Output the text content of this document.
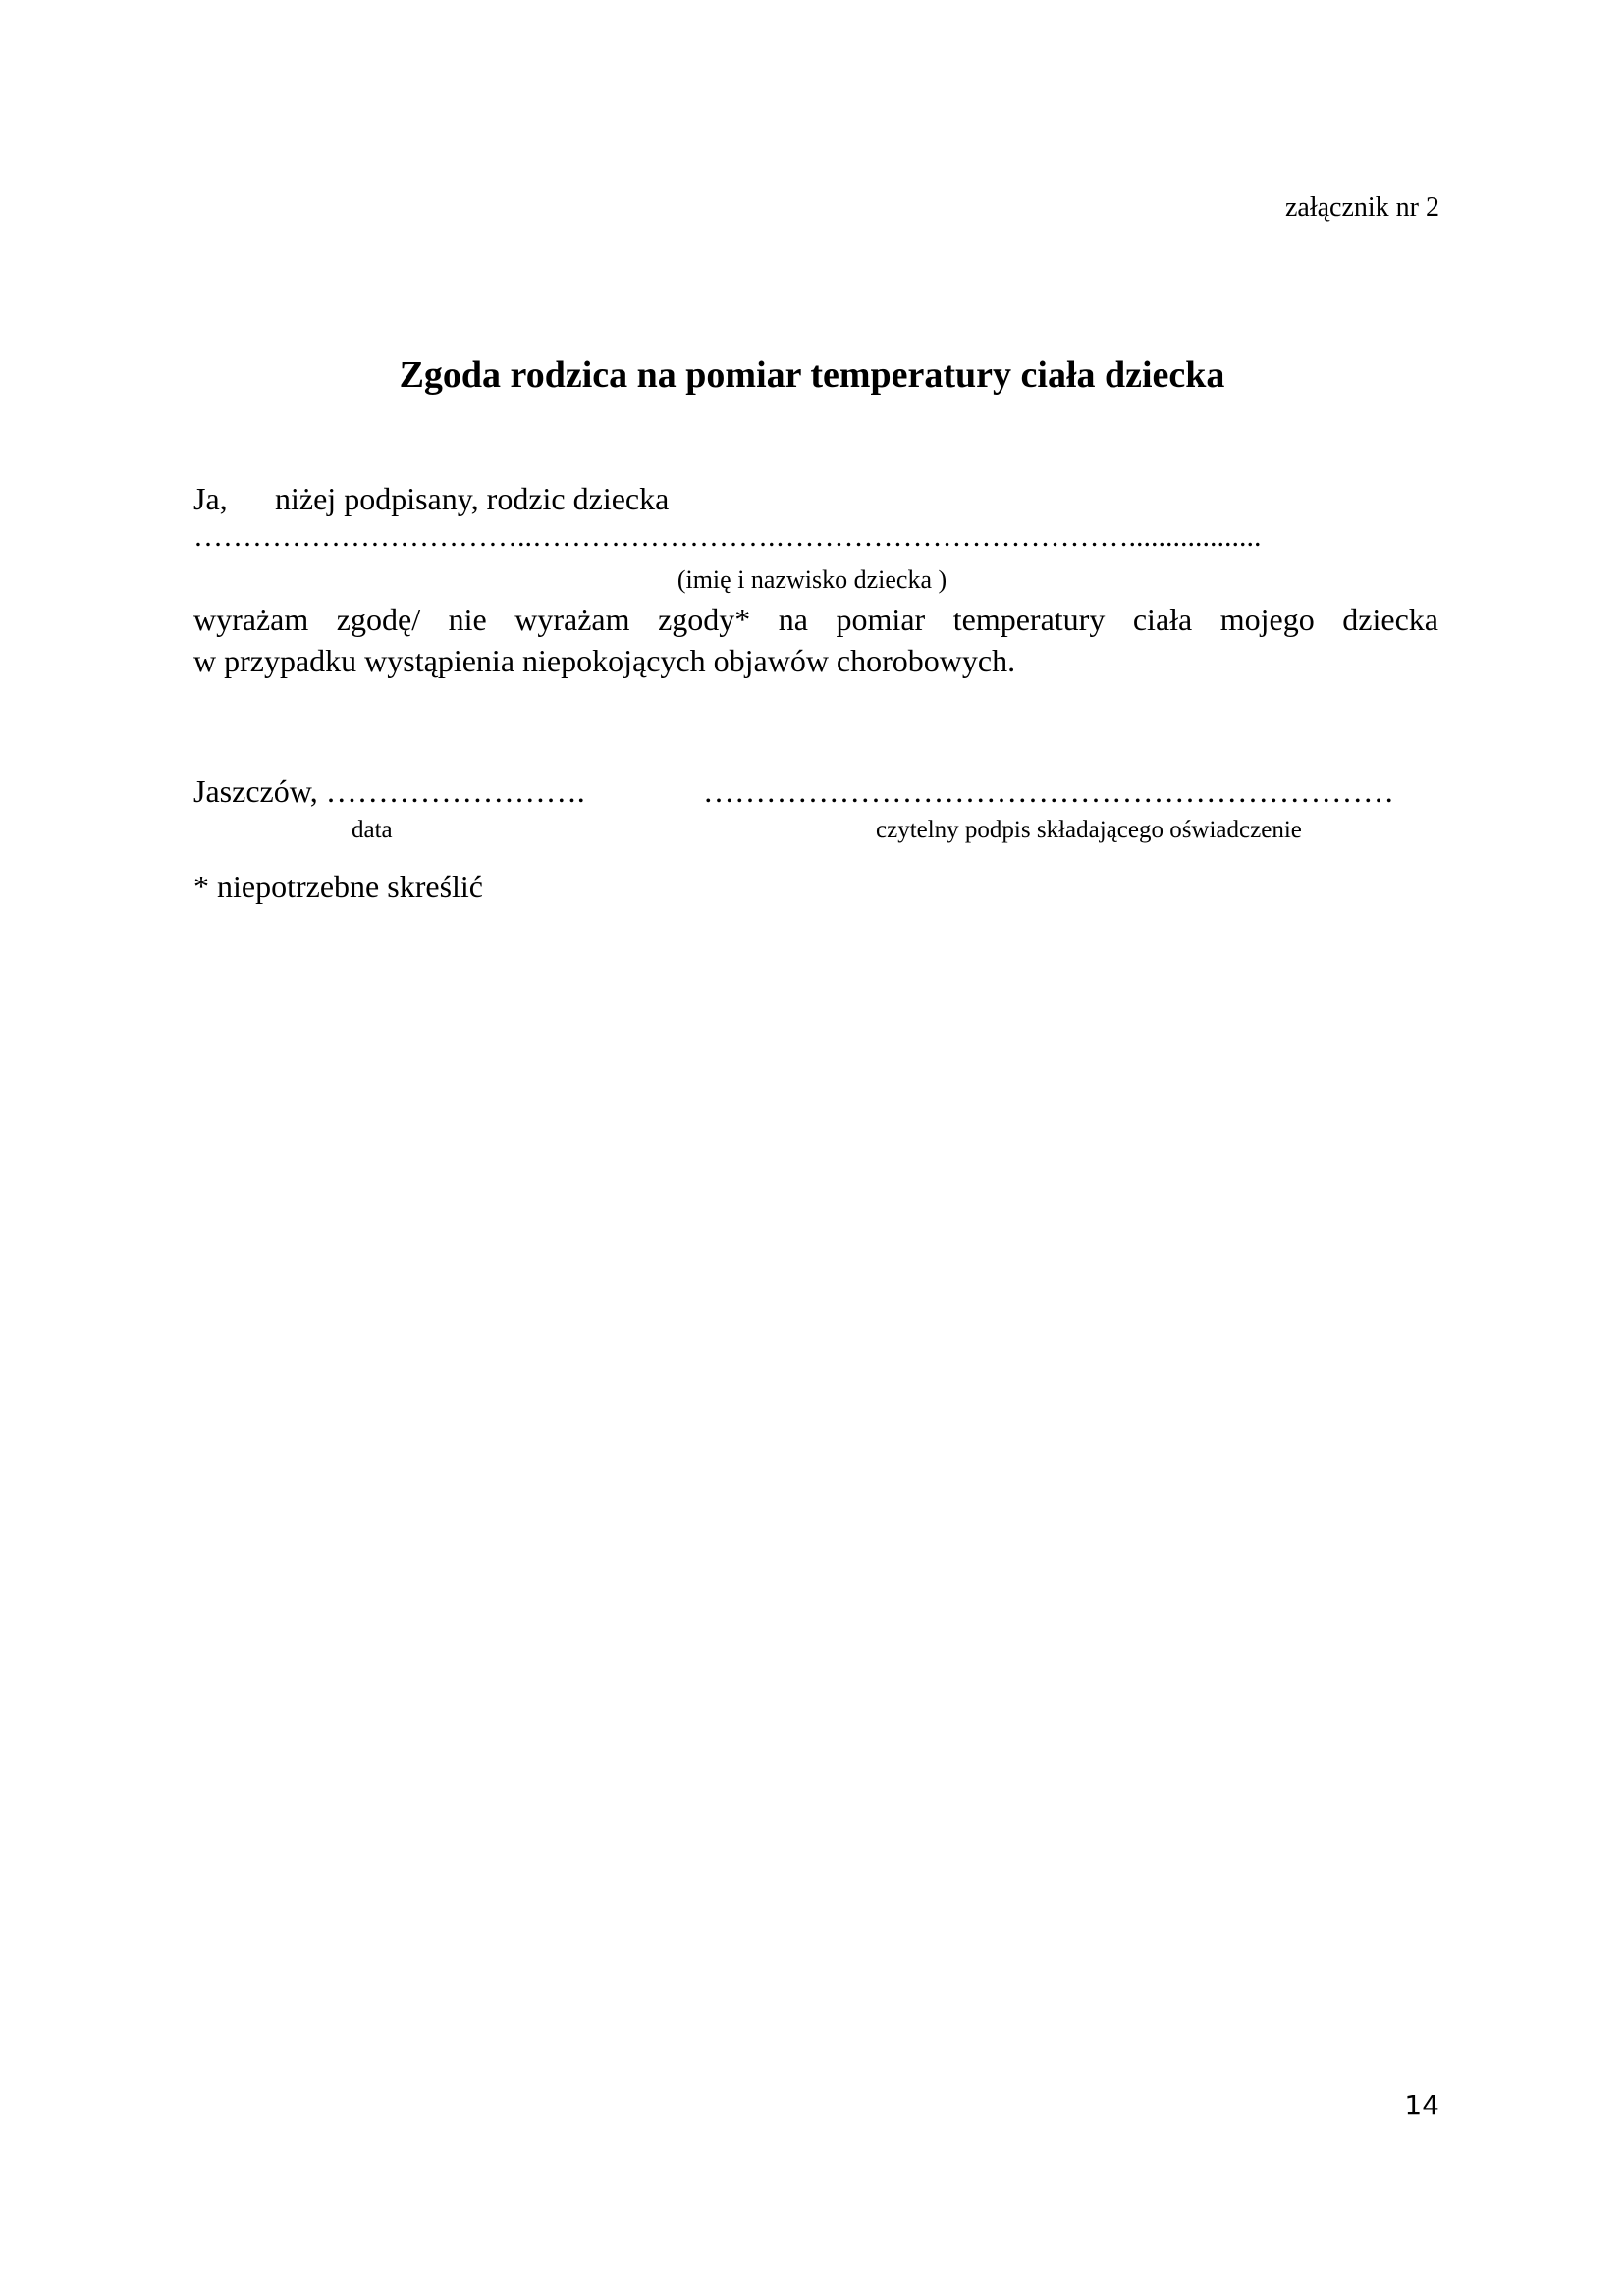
załącznik nr 2
Zgoda rodzica na pomiar temperatury ciała dziecka
Ja, niżej podpisany, rodzic dziecka
……………………………..…………………….………………………………..................
(imię i nazwisko dziecka )
wyrażam zgodę/ nie wyrażam zgody* na pomiar temperatury ciała mojego dziecka
w przypadku wystąpienia niepokojących objawów chorobowych.
Jaszczów, …………………….	…………………………………………………………
data	czytelny podpis składającego oświadczenie
* niepotrzebne skreślić
14
